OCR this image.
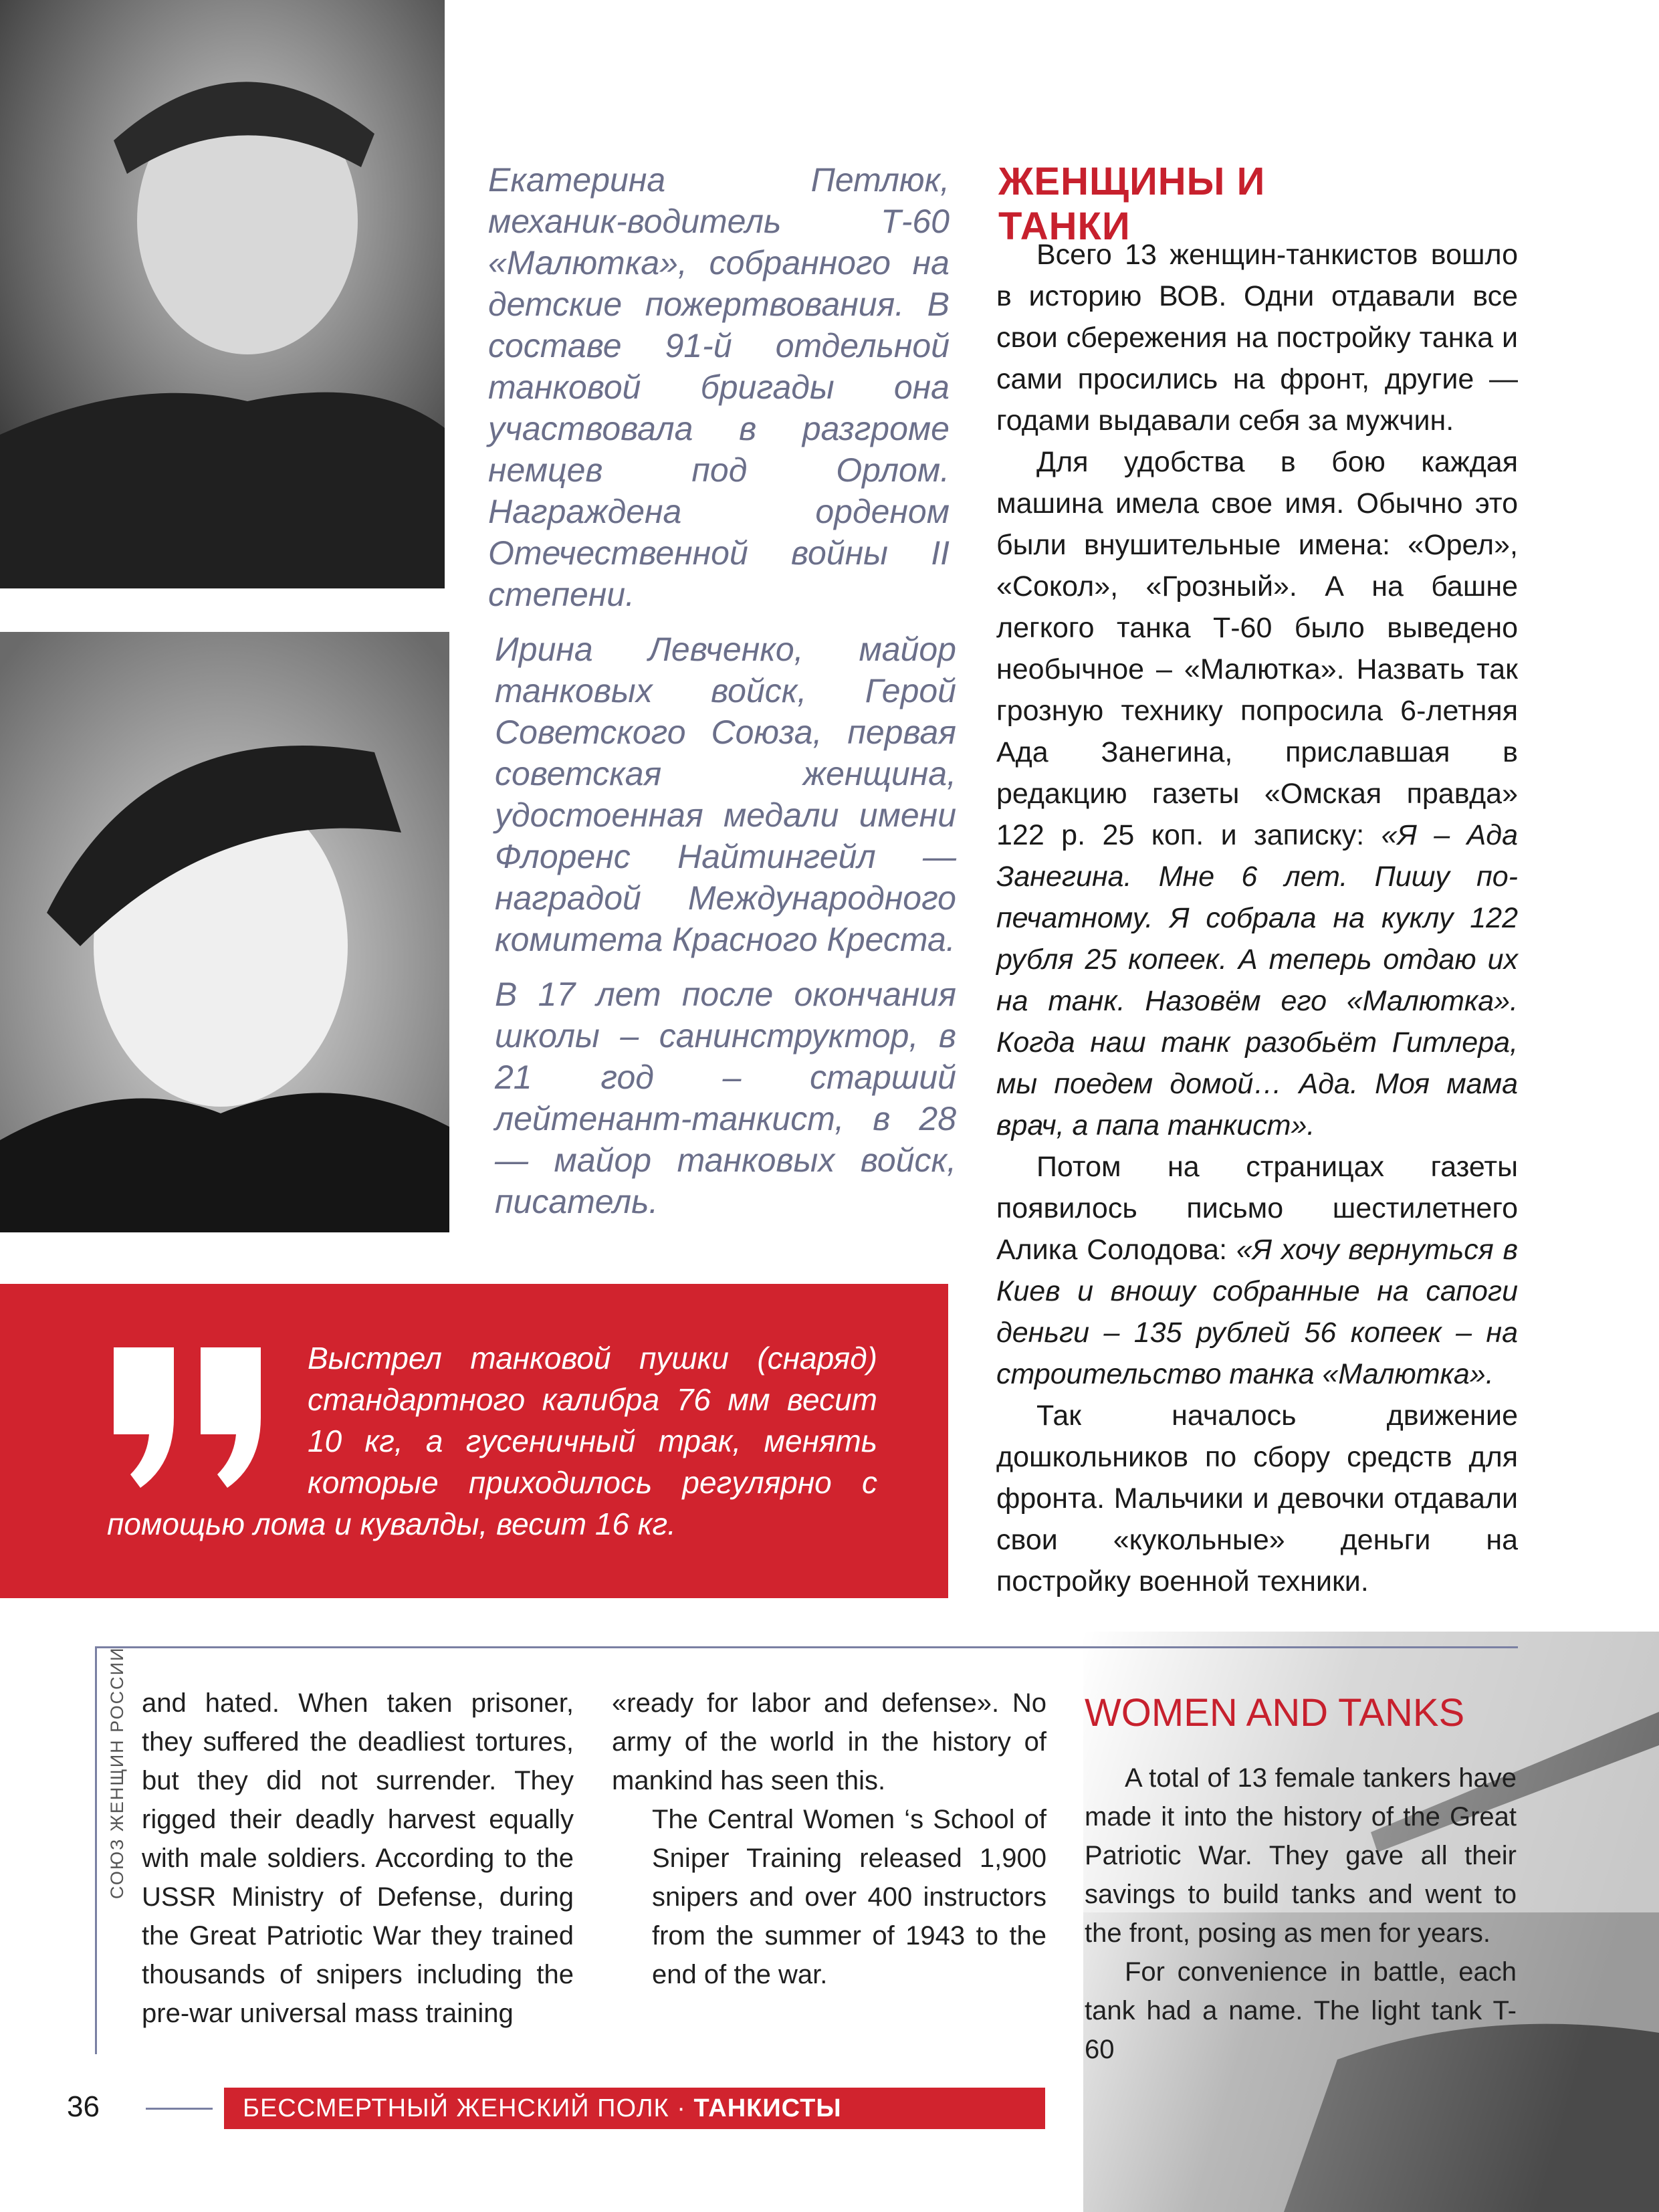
Екатерина Петлюк, механик-водитель Т-60 «Малютка», собранного на детские пожертвования. В составе 91-й отдельной танковой бригады она участвовала в разгроме немцев под Орлом. Награждена орденом Отечественной войны II степени.

Ирина Левченко, майор танковых войск, Герой Советского Союза, первая советская женщина, удостоенная медали имени Флоренс Найтингейл — наградой Международного комитета Красного Креста.

В 17 лет после окончания школы – санинструктор, в 21 год – старший лейтенант-танкист, в 28 — майор танковых войск, писатель.

ЖЕНЩИНЫ И ТАНКИ

Всего 13 женщин-танкистов вошло в историю ВОВ. Одни отдавали все свои сбережения на постройку танка и сами просились на фронт, другие — годами выдавали себя за мужчин.

Для удобства в бою каждая машина имела свое имя. Обычно это были внушительные имена: «Орел», «Сокол», «Грозный». А на башне легкого танка Т-60 было выведено необычное – «Малютка». Назвать так грозную технику попросила 6-летняя Ада Занегина, приславшая в редакцию газеты «Омская правда» 122 р. 25 коп. и записку: «Я – Ада Занегина. Мне 6 лет. Пишу по-печатному. Я собрала на куклу 122 рубля 25 копеек. А теперь отдаю их на танк. Назовём его «Малютка». Когда наш танк разобьёт Гитлера, мы поедем домой… Ада. Моя мама врач, а папа танкист».

Потом на страницах газеты появилось письмо шестилетнего Алика Солодова: «Я хочу вернуться в Киев и вношу собранные на сапоги деньги – 135 рублей 56 копеек – на строительство танка «Малютка».

Так началось движение дошкольников по сбору средств для фронта. Мальчики и девочки отдавали свои «кукольные» деньги на постройку военной техники.

Выстрел танковой пушки (снаряд) стандартного калибра 76 мм весит 10 кг, а гусеничный трак, менять которые приходилось регулярно с помощью лома и кувалды, весит 16 кг.
СОЮЗ ЖЕНЩИН РОССИИ and hated. When taken prisoner, they suffered the deadliest tortures, but they did not surrender. They rigged their deadly harvest equally with male soldiers. According to the USSR Ministry of Defense, during the Great Patriotic War they trained thousands of snipers including the pre-war universal mass training

«ready for labor and defense». No army of the world in the history of mankind has seen this.

The Central Women ‘s School of Sniper Training released 1,900 snipers and over 400 instructors from the summer of 1943 to the end of the war.

WOMEN AND TANKS

A total of 13 female tankers have made it into the history of the Great Patriotic War. They gave all their savings to build tanks and went to the front, posing as men for years.

For convenience in battle, each tank had a name. The light tank T-60

36	БЕССМЕРТНЫЙ ЖЕНСКИЙ ПОЛК · ТАНКИСТЫ
